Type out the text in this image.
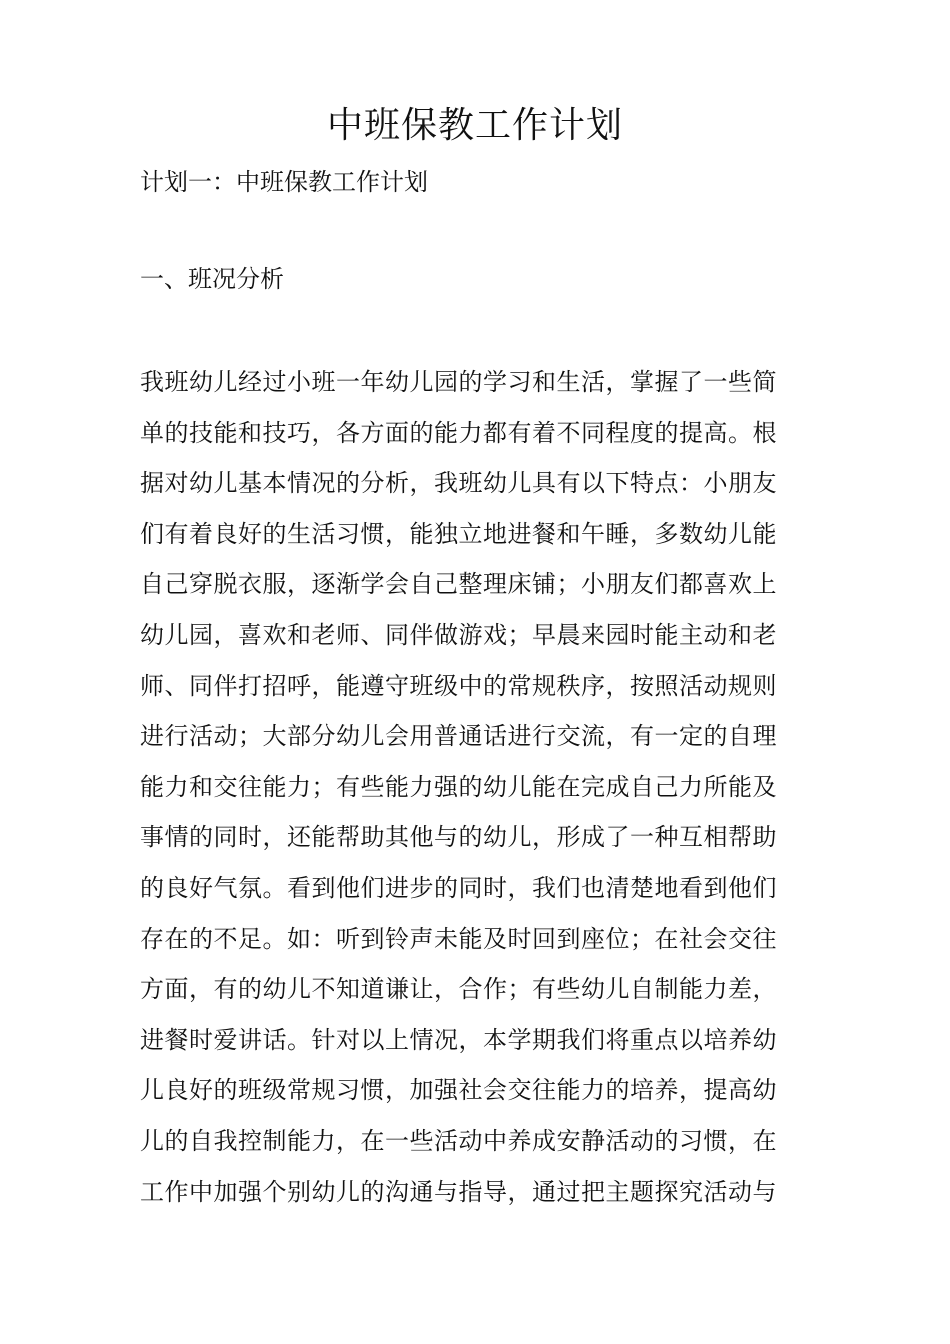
中班保教工作计划

计划一：中班保教工作计划

一、班况分析

我班幼儿经过小班一年幼儿园的学习和生活，掌握了一些简
单的技能和技巧，各方面的能力都有着不同程度的提高。根
据对幼儿基本情况的分析，我班幼儿具有以下特点：小朋友
们有着良好的生活习惯，能独立地进餐和午睡，多数幼儿能
自己穿脱衣服，逐渐学会自己整理床铺；小朋友们都喜欢上
幼儿园，喜欢和老师、同伴做游戏；早晨来园时能主动和老
师、同伴打招呼，能遵守班级中的常规秩序，按照活动规则
进行活动；大部分幼儿会用普通话进行交流，有一定的自理
能力和交往能力；有些能力强的幼儿能在完成自己力所能及
事情的同时，还能帮助其他与的幼儿，形成了一种互相帮助
的良好气氛。看到他们进步的同时，我们也清楚地看到他们
存在的不足。如：听到铃声未能及时回到座位；在社会交往
方面，有的幼儿不知道谦让，合作；有些幼儿自制能力差，
进餐时爱讲话。针对以上情况，本学期我们将重点以培养幼
儿良好的班级常规习惯，加强社会交往能力的培养，提高幼
儿的自我控制能力，在一些活动中养成安静活动的习惯，在
工作中加强个别幼儿的沟通与指导，通过把主题探究活动与
